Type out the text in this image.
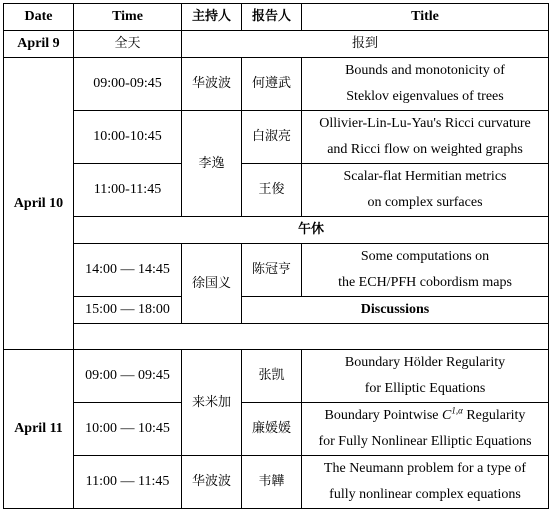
Date	Time	主持人	报告人	Title
April 9	全天	报到		
April 10	09:00-09:45	华波波	何遵武	Bounds and monotonicity of
Steklov eigenvalues of trees

	10:00-10:45	李逸	白淑亮	Ollivier-Lin-Lu-Yau's Ricci curvature
and Ricci flow on weighted graphs

	11:00-11:45		王俊	Scalar-flat Hermitian metrics
on complex surfaces

	午休			
	14:00 — 14:45	徐国义	陈冠亨	Some computations on
the ECH/PFH cobordism maps

	15:00 — 18:00		Discussions	

April 11	09:00 — 09:45	来米加	张凯	Boundary Hölder Regularity
for Elliptic Equations

	10:00 — 10:45		廉媛媛	Boundary Pointwise $C^{1,\alpha}$ Regularity
for Fully Nonlinear Elliptic Equations

	11:00 — 11:45	华波波	韦韡	The Neumann problem for a type of
fully nonlinear complex equations
